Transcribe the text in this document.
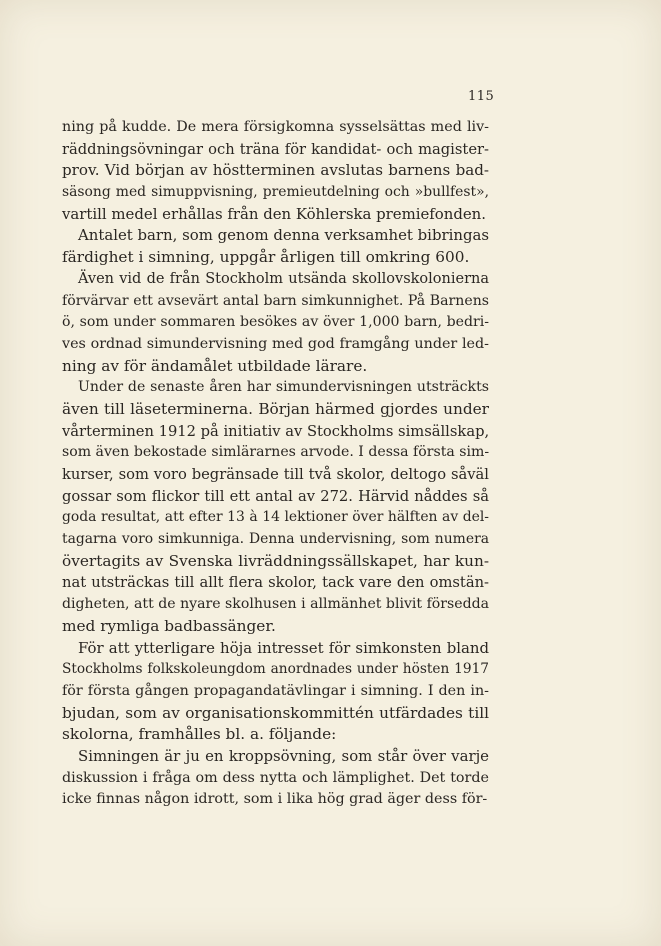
115
ning på kudde. De mera försigkomna sysselsättas med liv-
räddningsövningar och träna för kandidat- och magister-
prov. Vid början av höstterminen avslutas barnens bad-
säsong med simuppvisning, premieutdelning och »bullfest»,
vartill medel erhållas från den Köhlerska premiefonden.
Antalet barn, som genom denna verksamhet bibringas
färdighet i simning, uppgår årligen till omkring 600.
Även vid de från Stockholm utsända skollovskolonierna
förvärvar ett avsevärt antal barn simkunnighet. På Barnens
ö, som under sommaren besökes av över 1,000 barn, bedri-
ves ordnad simundervisning med god framgång under led-
ning av för ändamålet utbildade lärare.
Under de senaste åren har simundervisningen utsträckts
även till läseterminerna. Början härmed gjordes under
vårterminen 1912 på initiativ av Stockholms simsällskap,
som även bekostade simlärarnes arvode. I dessa första sim-
kurser, som voro begränsade till två skolor, deltogo såväl
gossar som flickor till ett antal av 272. Härvid nåddes så
goda resultat, att efter 13 à 14 lektioner över hälften av del-
tagarna voro simkunniga. Denna undervisning, som numera
övertagits av Svenska livräddningssällskapet, har kun-
nat utsträckas till allt flera skolor, tack vare den omstän-
digheten, att de nyare skolhusen i allmänhet blivit försedda
med rymliga badbassänger.
För att ytterligare höja intresset för simkonsten bland
Stockholms folkskoleungdom anordnades under hösten 1917
för första gången propagandatävlingar i simning. I den in-
bjudan, som av organisationskommittén utfärdades till
skolorna, framhålles bl. a. följande:
Simningen är ju en kroppsövning, som står över varje
diskussion i fråga om dess nytta och lämplighet. Det torde
icke finnas någon idrott, som i lika hög grad äger dess för-
